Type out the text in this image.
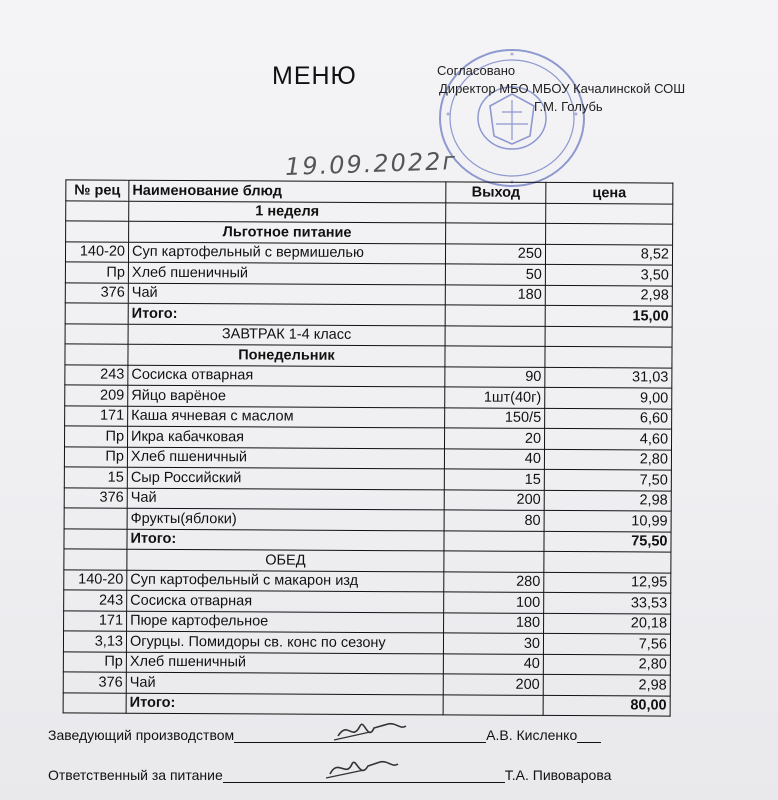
МЕНЮ	Согласовано
Директор МБО МБОУ Качалинской СОШ
Г.М. Голубь
19.09.2022г
№ рец	Наименование блюд	Выход	цена
	1 неделя		
	Льготное питание		
140-20	Суп картофельный с вермишелью	250	8,52
Пр	Хлеб пшеничный	50	3,50
376	Чай	180	2,98
	Итого:		15,00
	ЗАВТРАК 1-4 класс		
	Понедельник		
243	Сосиска отварная	90	31,03
209	Яйцо варёное	1шт(40г)	9,00
171	Каша ячневая с маслом	150/5	6,60
Пр	Икра кабачковая	20	4,60
Пр	Хлеб пшеничный	40	2,80
15	Сыр Российский	15	7,50
376	Чай	200	2,98
	Фрукты(яблоки)	80	10,99
	Итого:		75,50
	ОБЕД		
140-20	Суп картофельный с макарон изд	280	12,95
243	Сосиска отварная	100	33,53
171	Пюре картофельное	180	20,18
3,13	Огурцы. Помидоры св. конс по сезону	30	7,56
Пр	Хлеб пшеничный	40	2,80
376	Чай	200	2,98
	Итого:		80,00
Заведующий производством	А.В. Кисленко
Ответственный за питание	Т.А. Пивоварова
